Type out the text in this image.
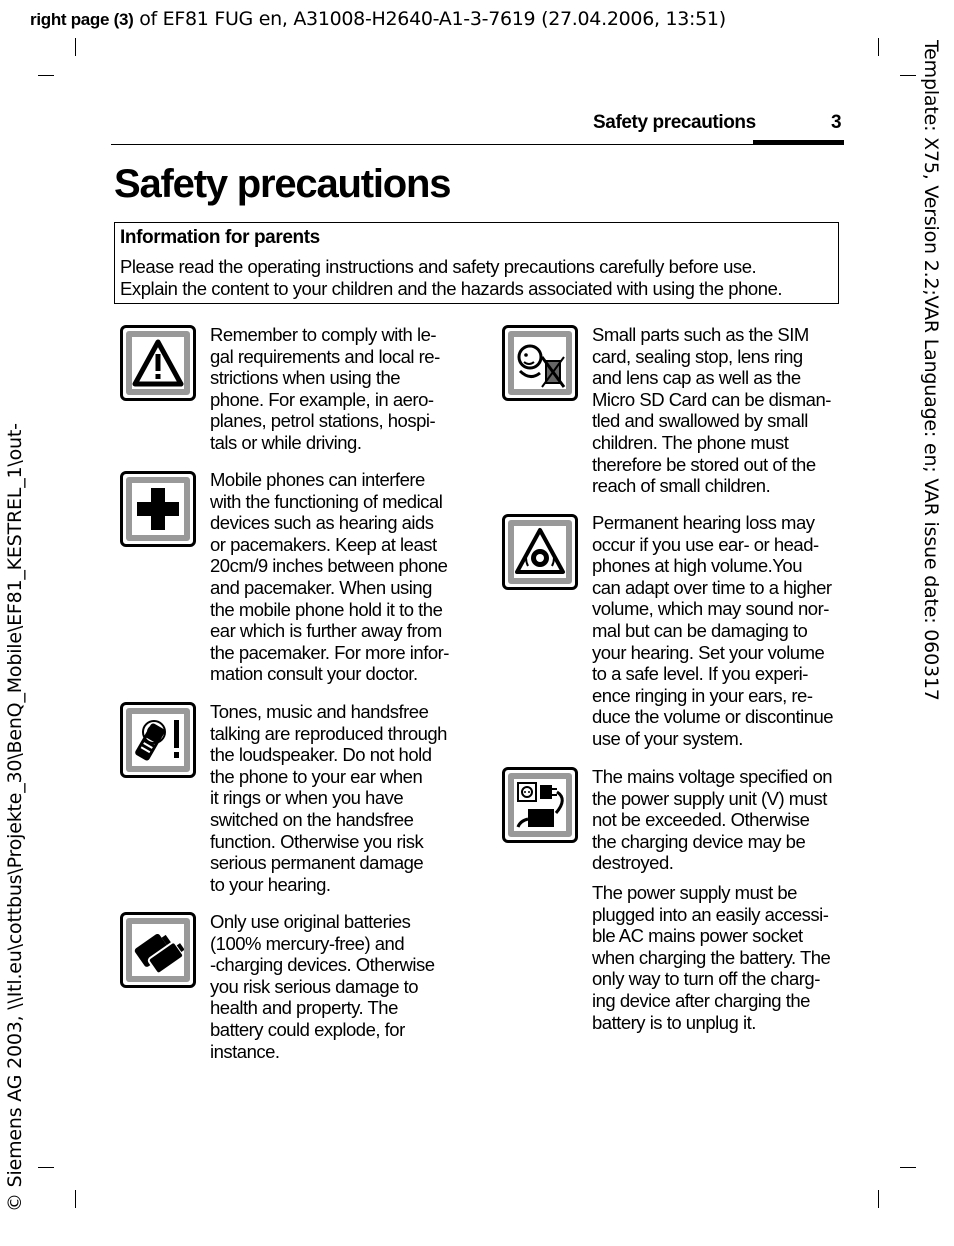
right page (3) of EF81 FUG en, A31008-H2640-A1-3-7619 (27.04.2006, 13:51)
Template: X75, Version 2.2;VAR Language: en; VAR issue date: 060317
© Siemens AG 2003, \\Itl.eu\cottbus\Projekte_30\BenQ_Mobile\EF81_KESTREL_1\out-
Safety precautions	3
Safety precautions
Information for parents
Please read the operating instructions and safety precautions carefully before use.
Explain the content to your children and the hazards associated with using the phone.
Remember to comply with le-
gal requirements and local re-
strictions when using the
phone. For example, in aero-
planes, petrol stations, hospi-
tals or while driving.
Mobile phones can interfere
with the functioning of medical
devices such as hearing aids
or pacemakers. Keep at least
20cm/9 inches between phone
and pacemaker. When using
the mobile phone hold it to the
ear which is further away from
the pacemaker. For more infor-
mation consult your doctor.
Tones, music and handsfree
talking are reproduced through
the loudspeaker. Do not hold
the phone to your ear when
it rings or when you have
switched on the handsfree
function. Otherwise you risk
serious permanent damage
to your hearing.
Only use original batteries
(100% mercury-free) and
-charging devices. Otherwise
you risk serious damage to
health and property. The
battery could explode, for
instance.
Small parts such as the SIM
card, sealing stop, lens ring
and lens cap as well as the
Micro SD Card can be disman-
tled and swallowed by small
children. The phone must
therefore be stored out of the
reach of small children.
Permanent hearing loss may
occur if you use ear- or head-
phones at high volume.You
can adapt over time to a higher
volume, which may sound nor-
mal but can be damaging to
your hearing. Set your volume
to a safe level. If you experi-
ence ringing in your ears, re-
duce the volume or discontinue
use of your system.
The mains voltage specified on
the power supply unit (V) must
not be exceeded. Otherwise
the charging device may be
destroyed.
The power supply must be
plugged into an easily accessi-
ble AC mains power socket
when charging the battery. The
only way to turn off the charg-
ing device after charging the
battery is to unplug it.
